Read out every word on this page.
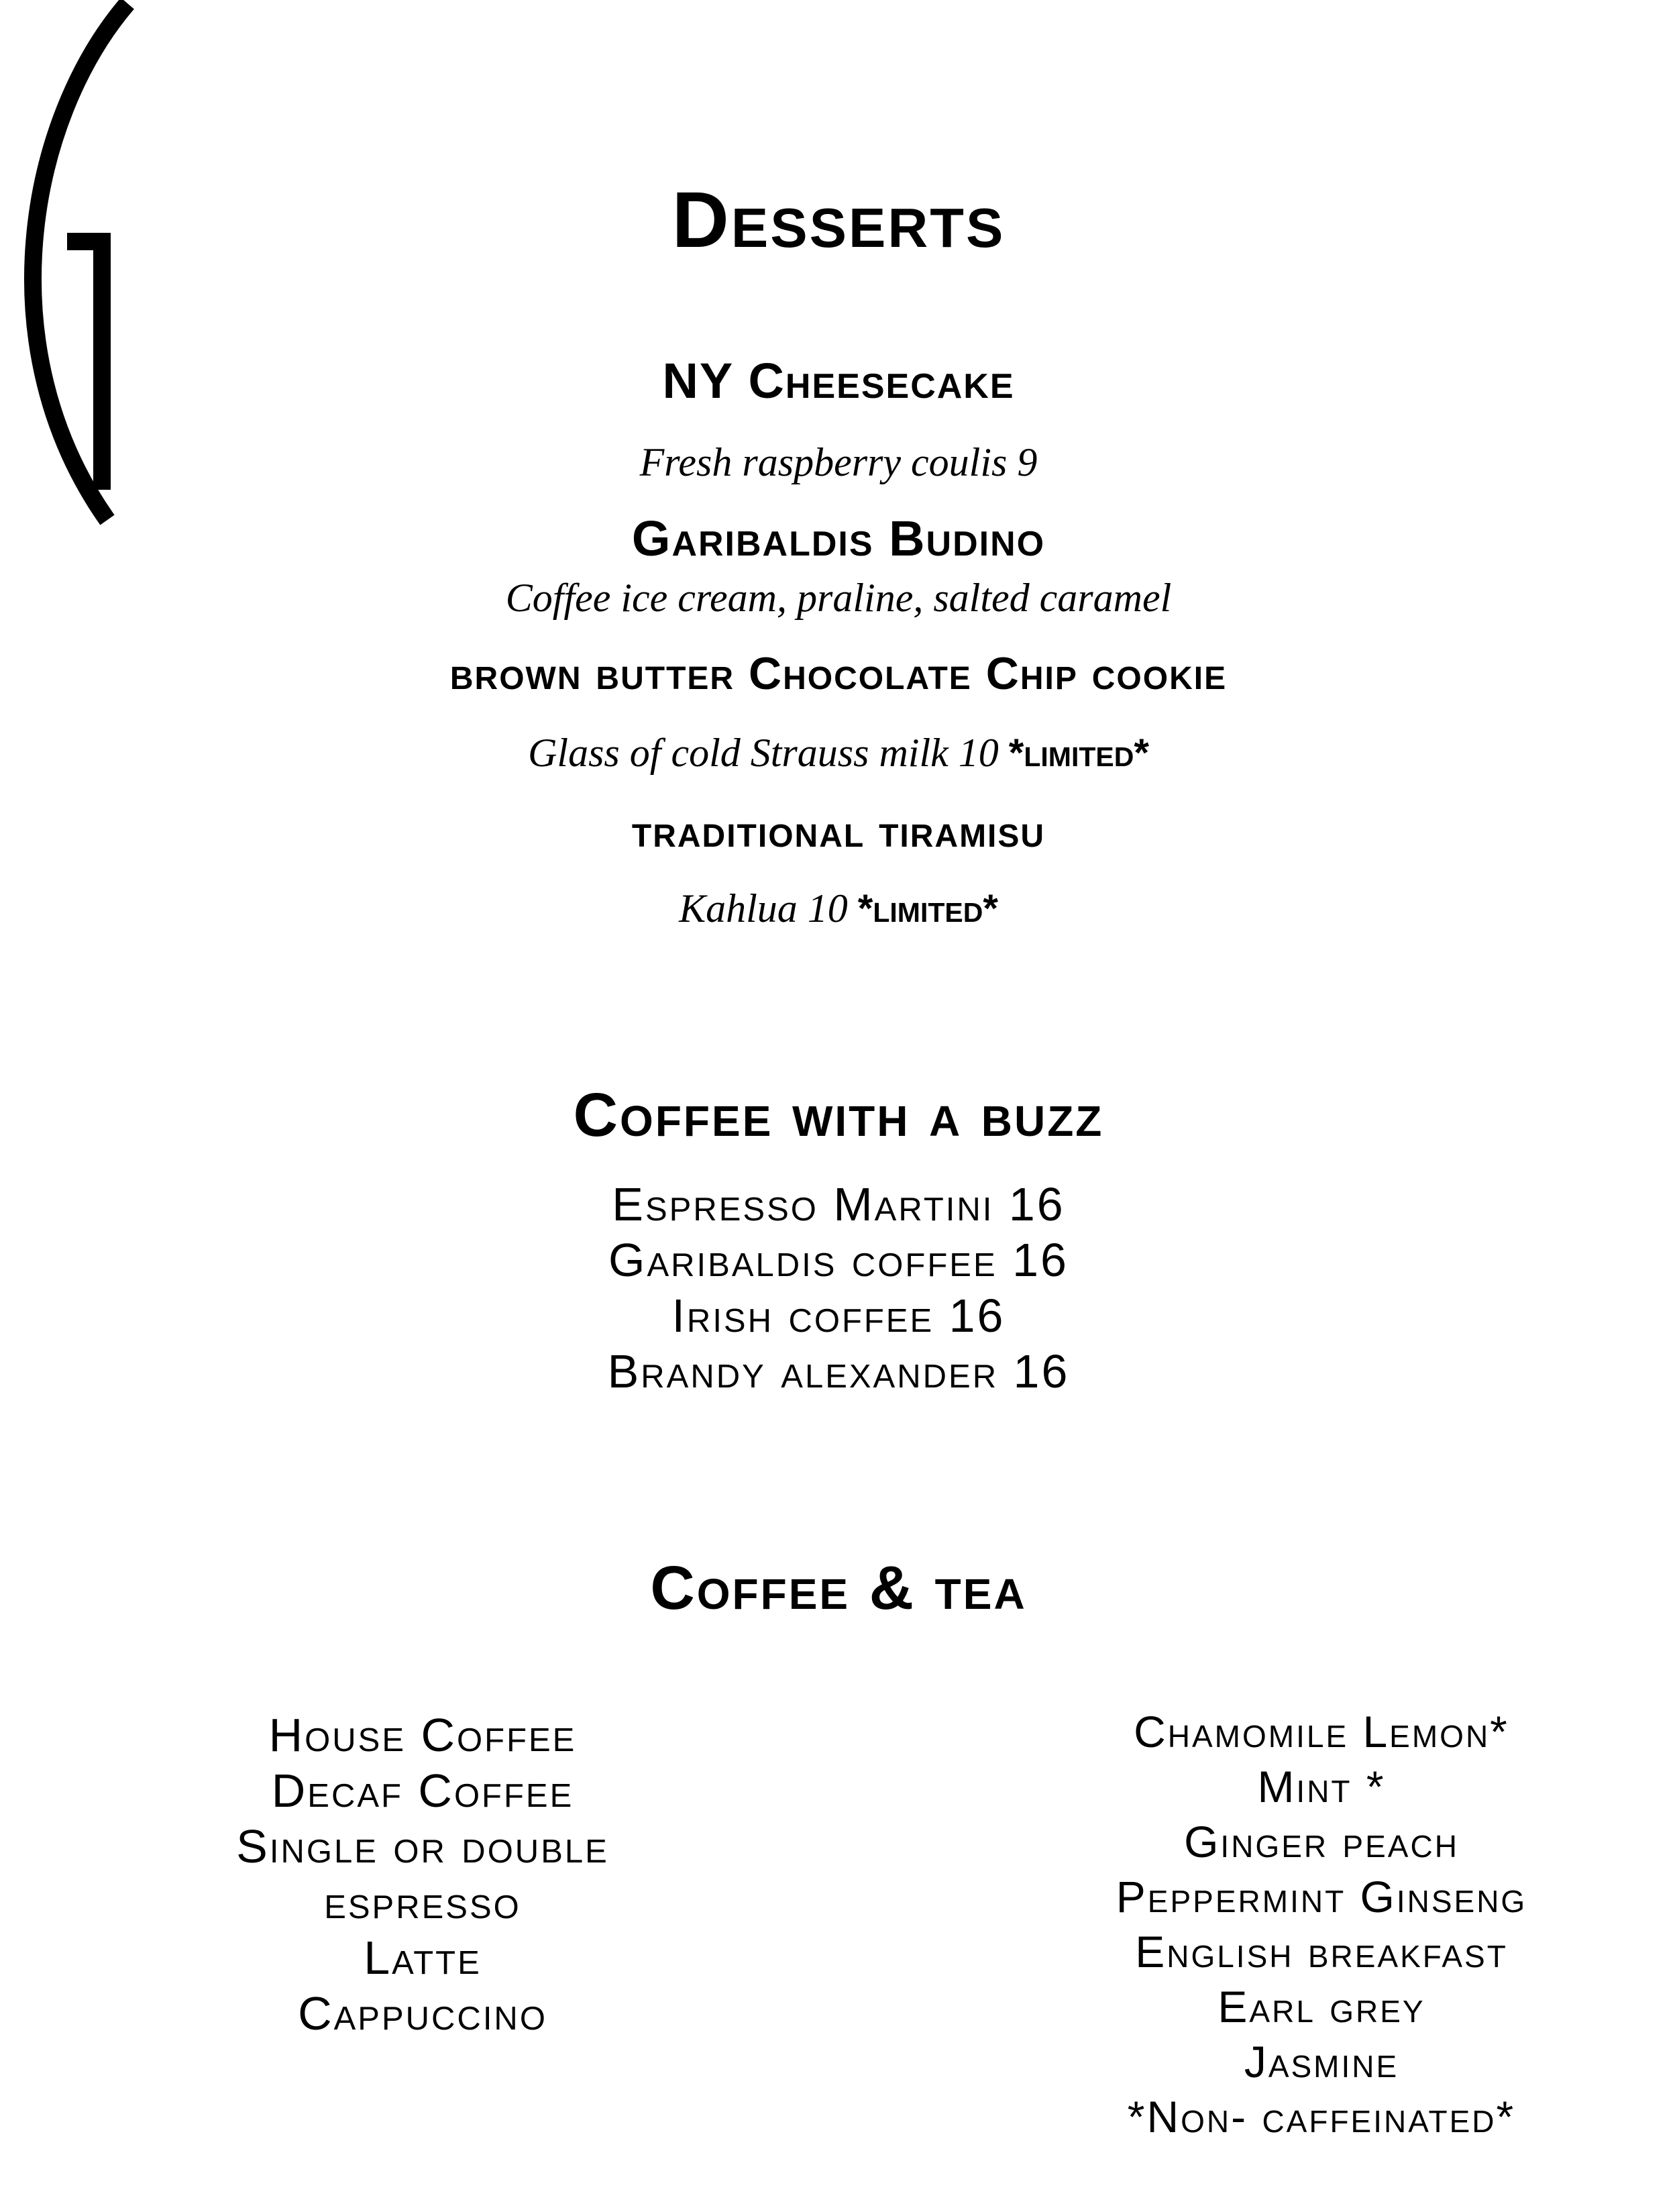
Desserts
NY Cheesecake
Fresh raspberry coulis 9
Garibaldis Budino
Coffee ice cream, praline, salted caramel
brown butter Chocolate Chip cookie
Glass of cold Strauss milk 10 *limited*
traditional tiramisu
Kahlua 10 *limited*
Coffee with a buzz
Espresso Martini 16
Garibaldis coffee 16
Irish coffee 16
Brandy alexander 16
Coffee & tea
House Coffee
Decaf Coffee
Single or double
espresso
Latte
Cappuccino
Chamomile Lemon*
Mint *
Ginger peach
Peppermint Ginseng
English breakfast
Earl grey
Jasmine
*Non- caffeinated*
